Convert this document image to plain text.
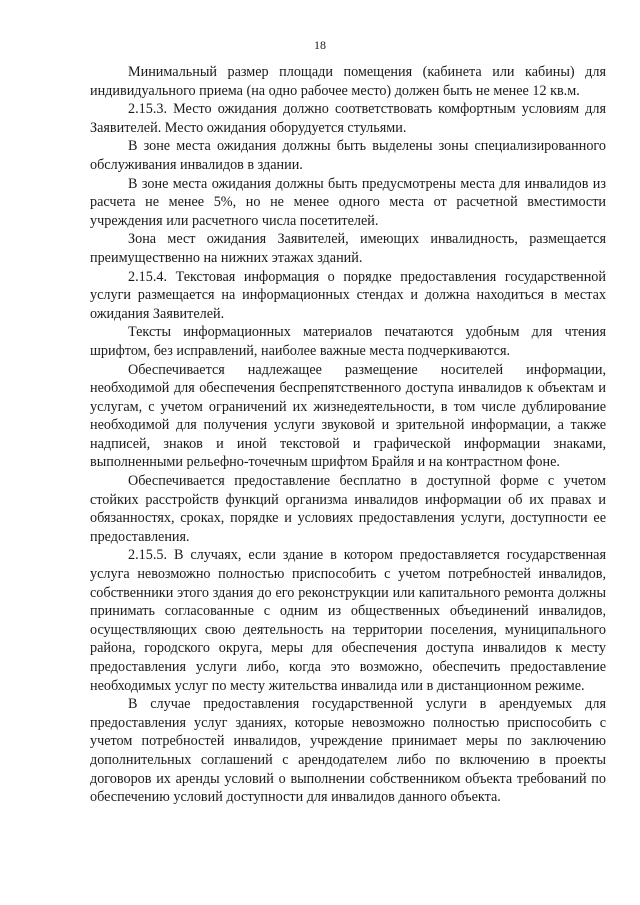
18

Минимальный размер площади помещения (кабинета или кабины) для индивидуального приема (на одно рабочее место) должен быть не менее 12 кв.м.

2.15.3. Место ожидания должно соответствовать комфортным условиям для Заявителей. Место ожидания оборудуется стульями.

В зоне места ожидания должны быть выделены зоны специализированного обслуживания инвалидов в здании.

В зоне места ожидания должны быть предусмотрены места для инвалидов из расчета не менее 5%, но не менее одного места от расчетной вместимости учреждения или расчетного числа посетителей.

Зона мест ожидания Заявителей, имеющих инвалидность, размещается преимущественно на нижних этажах зданий.

2.15.4. Текстовая информация о порядке предоставления государственной услуги размещается на информационных стендах и должна находиться в местах ожидания Заявителей.

Тексты информационных материалов печатаются удобным для чтения шрифтом, без исправлений, наиболее важные места подчеркиваются.

Обеспечивается надлежащее размещение носителей информации, необходимой для обеспечения беспрепятственного доступа инвалидов к объектам и услугам, с учетом ограничений их жизнедеятельности, в том числе дублирование необходимой для получения услуги звуковой и зрительной информации, а также надписей, знаков и иной текстовой и графической информации знаками, выполненными рельефно-точечным шрифтом Брайля и на контрастном фоне.

Обеспечивается предоставление бесплатно в доступной форме с учетом стойких расстройств функций организма инвалидов информации об их правах и обязанностях, сроках, порядке и условиях предоставления услуги, доступности ее предоставления.

2.15.5. В случаях, если здание в котором предоставляется государственная услуга невозможно полностью приспособить с учетом потребностей инвалидов, собственники этого здания до его реконструкции или капитального ремонта должны принимать согласованные с одним из общественных объединений инвалидов, осуществляющих свою деятельность на территории поселения, муниципального района, городского округа, меры для обеспечения доступа инвалидов к месту предоставления услуги либо, когда это возможно, обеспечить предоставление необходимых услуг по месту жительства инвалида или в дистанционном режиме.

В случае предоставления государственной услуги в арендуемых для предоставления услуг зданиях, которые невозможно полностью приспособить с учетом потребностей инвалидов, учреждение принимает меры по заключению дополнительных соглашений с арендодателем либо по включению в проекты договоров их аренды условий о выполнении собственником объекта требований по обеспечению условий доступности для инвалидов данного объекта.
